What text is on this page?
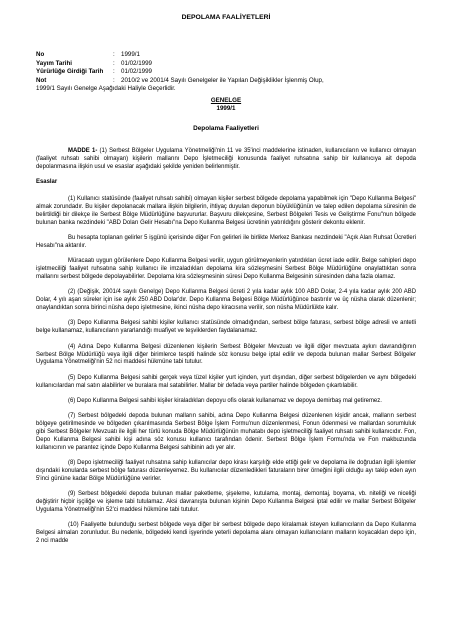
DEPOLAMA FAALİYETLERİ
No	:	1999/1
Yayım Tarihi	:	01/02/1999
Yürürlüğe Girdiği Tarih	:	01/02/1999
Not	:	2010/2 ve 2001/4 Sayılı Genelgeler ile Yapılan Değişiklikler İşlenmiş Olup,
1999/1 Sayılı Genelge Aşağıdaki Haliyle Geçerlidir.
GENELGE
1999/1
Depolama Faaliyetleri

MADDE 1- (1) Serbest Bölgeler Uygulama Yönetmeliği'nin 11 ve 35'inci maddelerine istinaden, kullanıcıların ve kullanıcı olmayan (faaliyet ruhsatı sahibi olmayan) kişilerin mallarını Depo İşletmeciliği konusunda faaliyet ruhsatına sahip bir kullanıcıya ait depoda depolanmasına ilişkin usul ve esaslar aşağıdaki şekilde yeniden belirlenmiştir.

Esaslar

(1) Kullanıcı statüsünde (faaliyet ruhsatı sahibi) olmayan kişiler serbest bölgede depolama yapabilmek için "Depo Kullanma Belgesi" almak zorundadır. Bu kişiler depolanacak mallara ilişkin bilgilerin, ihtiyaç duyulan deponun büyüklüğünün ve talep edilen depolama süresinin de belirtildiği bir dilekçe ile Serbest Bölge Müdürlüğüne başvururlar. Başvuru dilekçesine, Serbest Bölgeleri Tesis ve Geliştirme Fonu"nun bölgede bulunan banka nezdindeki "ABD Doları Gelir Hesabı"na Depo Kullanma Belgesi ücretinin yatırıldığını gösterir dekontu eklenir.

Bu hesapta toplanan gelirler 5 işgünü içerisinde diğer Fon gelirleri ile birlikte Merkez Bankası nezdindeki "Açık Alan Ruhsat Ücretleri Hesabı"na aktarılır.

Müracaatı uygun görülenlere Depo Kullanma Belgesi verilir, uygun görülmeyenlerin yatırdıkları ücret iade edilir. Belge sahipleri depo işletmeciliği faaliyet ruhsatına sahip kullanıcı ile imzaladıkları depolama kira sözleşmesini Serbest Bölge Müdürlüğüne onaylattıktan sonra mallarını serbest bölgede depolayabilirler. Depolama kira sözleşmesinin süresi Depo Kullanma Belgesinin süresinden daha fazla olamaz.

(2) (Değişik, 2001/4 sayılı Genelge) Depo Kullanma Belgesi ücreti 2 yıla kadar aylık 100 ABD Dolar, 2-4 yıla kadar aylık 200 ABD Dolar, 4 yılı aşan süreler için ise aylık 250 ABD Dolar'dır. Depo Kullanma Belgesi Bölge Müdürlüğünce bastırılır ve üç nüsha olarak düzenlenir; onaylandıktan sonra birinci nüsha depo işletmesine, ikinci nüsha depo kiracısına verilir, son nüsha Müdürlükte kalır.

(3) Depo Kullanma Belgesi sahibi kişiler kullanıcı statüsünde olmadığından, serbest bölge faturası, serbest bölge adresli ve antetli belge kullanamaz, kullanıcıların yararlandığı muafiyet ve teşviklerden faydalanamaz.

(4) Adına Depo Kullanma Belgesi düzenlenen kişilerin Serbest Bölgeler Mevzuatı ve ilgili diğer mevzuata aykırı davrandığının Serbest Bölge Müdürlüğü veya ilgili diğer birimlerce tespiti halinde söz konusu belge iptal edilir ve depoda bulunan mallar Serbest Bölgeler Uygulama Yönetmeliği'nin 52 nci maddesi hükmüne tabi tutulur.

(5) Depo Kullanma Belgesi sahibi gerçek veya tüzel kişiler yurt içinden, yurt dışından, diğer serbest bölgelerden ve aynı bölgedeki kullanıcılardan mal satın alabilirler ve buralara mal satabilirler. Mallar bir defada veya partiler halinde bölgeden çıkartılabilir.

(6) Depo Kullanma Belgesi sahibi kişiler kiraladıkları depoyu ofis olarak kullanamaz ve depoya demirbaş mal getiremez.

(7) Serbest bölgedeki depoda bulunan malların sahibi, adına Depo Kullanma Belgesi düzenlenen kişidir ancak, malların serbest bölgeye getirilmesinde ve bölgeden çıkarılmasında Serbest Bölge İşlem Formu'nun düzenlenmesi, Fonun ödenmesi ve mallardan sorumluluk gibi Serbest Bölgeler Mevzuatı ile ilgili her türlü konuda Bölge Müdürlüğünün muhatabı depo işletmeciliği faaliyet ruhsatı sahibi kullanıcıdır. Fon, Depo Kullanma Belgesi sahibi kişi adına söz konusu kullanıcı tarafından ödenir. Serbest Bölge İşlem Formu'nda ve Fon makbuzunda kullanıcının ve parantez içinde Depo Kullanma Belgesi sahibinin adı yer alır.

(8) Depo işletmeciliği faaliyet ruhsatına sahip kullanıcılar depo kirası karşılığı elde ettiği gelir ve depolama ile doğrudan ilgili işlemler dışındaki konularda serbest bölge faturası düzenleyemez. Bu kullanıcılar düzenledikleri faturaların birer örneğini ilgili olduğu ayı takip eden ayın 5'inci gününe kadar Bölge Müdürlüğüne verirler.

(9) Serbest bölgedeki depoda bulunan mallar paketleme, şişeleme, kutulama, montaj, demontaj, boyama, vb. niteliği ve niceliği değiştirir hiçbir işçiliğe ve işleme tabi tutulamaz. Aksi davranışta bulunan kişinin Depo Kullanma Belgesi iptal edilir ve mallar Serbest Bölgeler Uygulama Yönetmeliği'nin 52'ci maddesi hükmüne tabi tutulur.

(10) Faaliyette bulunduğu serbest bölgede veya diğer bir serbest bölgede depo kiralamak isteyen kullanıcıların da Depo Kullanma Belgesi almaları zorunludur. Bu nedenle, bölgedeki kendi işyerinde yeterli depolama alanı olmayan kullanıcıların malların koyacakları depo için, 2 nci madde
